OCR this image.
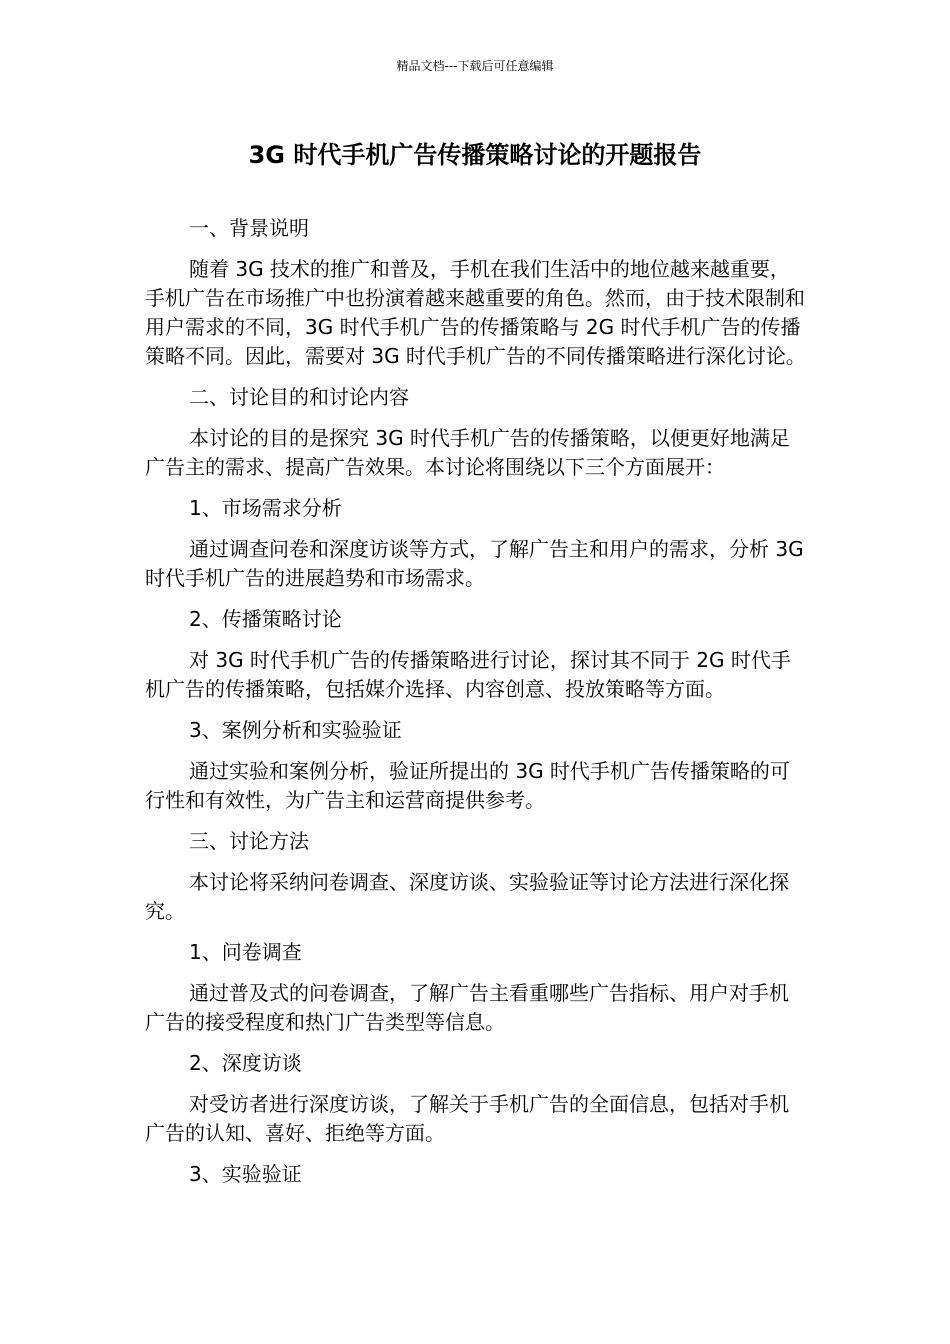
精品文档---下载后可任意编辑
3G 时代手机广告传播策略讨论的开题报告

一、背景说明

随着 3G 技术的推广和普及，手机在我们生活中的地位越来越重要，手机广告在市场推广中也扮演着越来越重要的角色。然而，由于技术限制和用户需求的不同，3G 时代手机广告的传播策略与 2G 时代手机广告的传播策略不同。因此，需要对 3G 时代手机广告的不同传播策略进行深化讨论。

二、讨论目的和讨论内容

本讨论的目的是探究 3G 时代手机广告的传播策略，以便更好地满足广告主的需求、提高广告效果。本讨论将围绕以下三个方面展开：

1、市场需求分析

通过调查问卷和深度访谈等方式，了解广告主和用户的需求，分析 3G 时代手机广告的进展趋势和市场需求。

2、传播策略讨论

对 3G 时代手机广告的传播策略进行讨论，探讨其不同于 2G 时代手机广告的传播策略，包括媒介选择、内容创意、投放策略等方面。

3、案例分析和实验验证

通过实验和案例分析，验证所提出的 3G 时代手机广告传播策略的可行性和有效性，为广告主和运营商提供参考。

三、讨论方法

本讨论将采纳问卷调查、深度访谈、实验验证等讨论方法进行深化探究。

1、问卷调查

通过普及式的问卷调查，了解广告主看重哪些广告指标、用户对手机广告的接受程度和热门广告类型等信息。

2、深度访谈

对受访者进行深度访谈，了解关于手机广告的全面信息，包括对手机广告的认知、喜好、拒绝等方面。

3、实验验证
